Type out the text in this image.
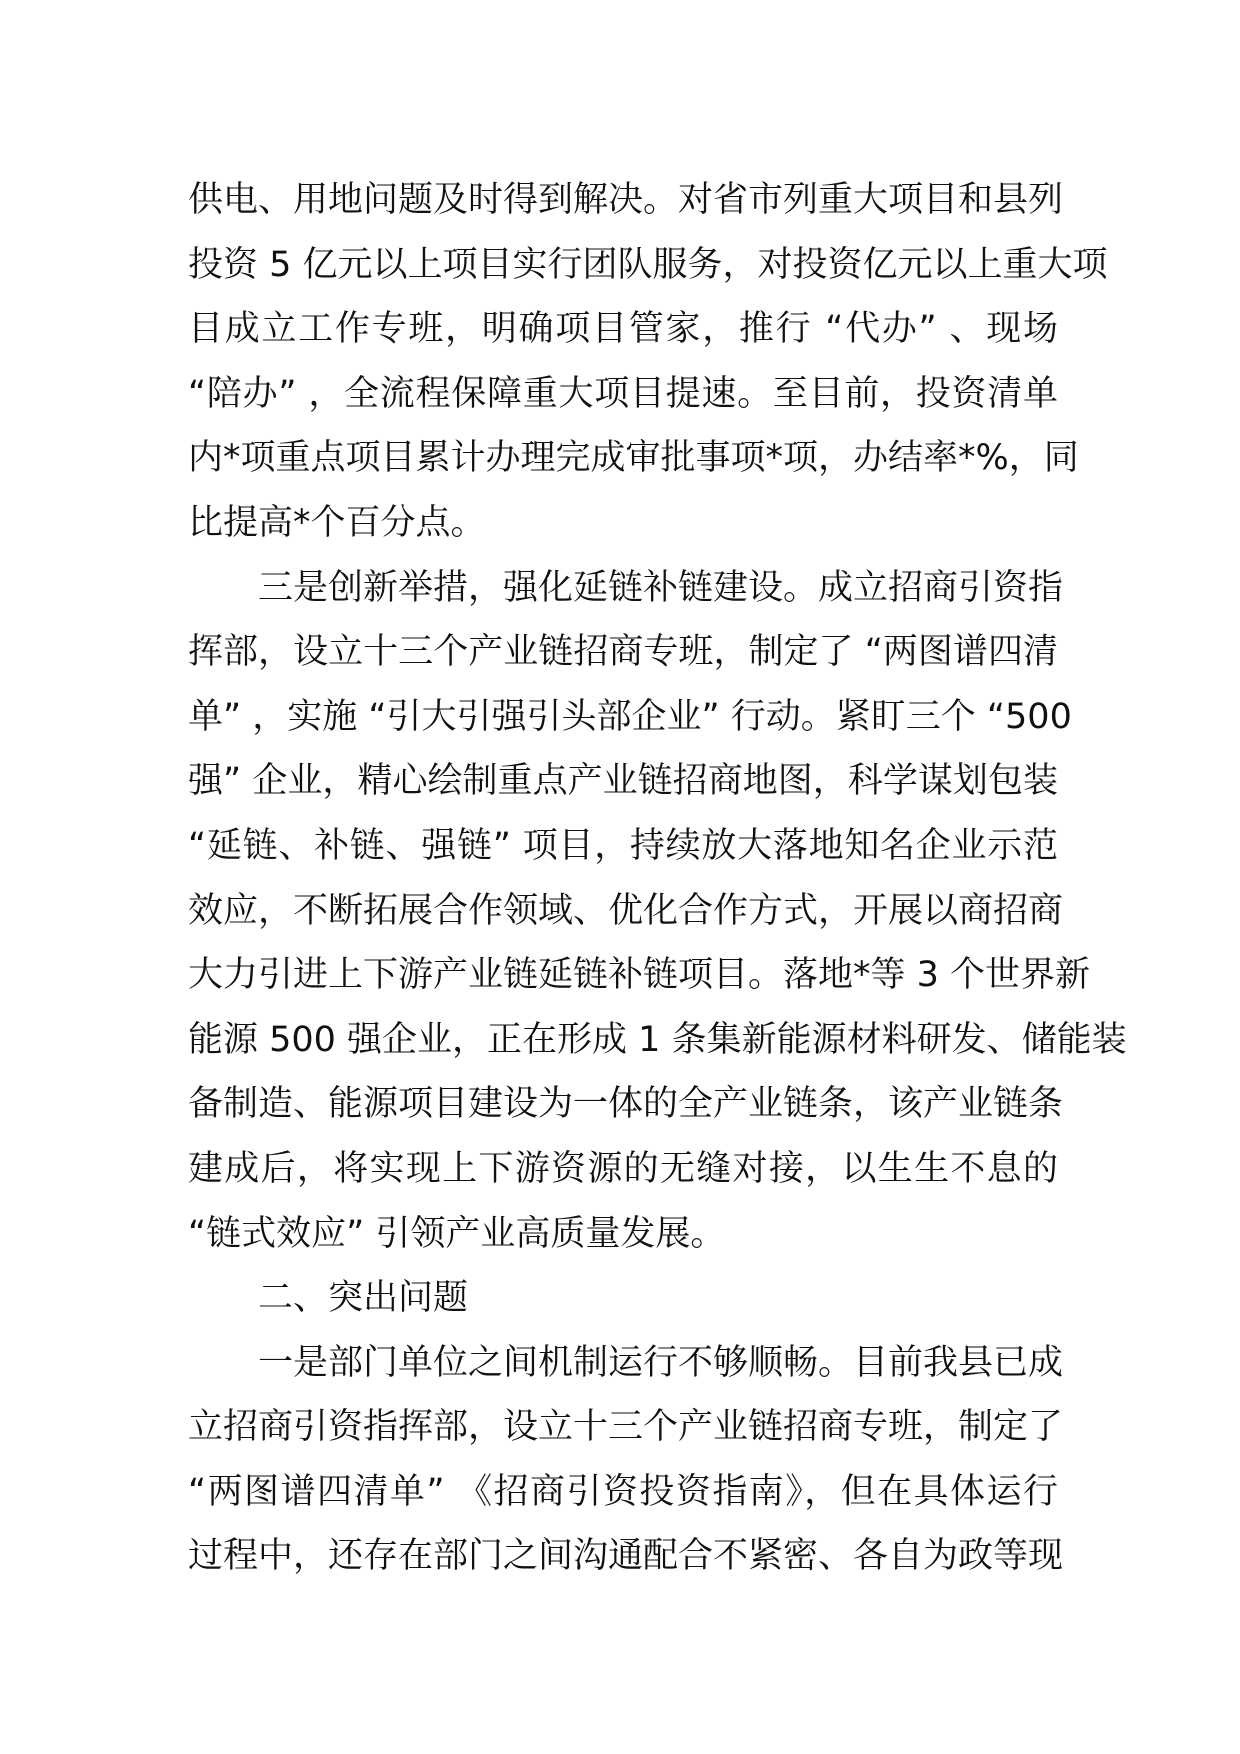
供电、用地问题及时得到解决。对省市列重大项目和县列
投资 5 亿元以上项目实行团队服务，对投资亿元以上重大项
目成立工作专班，明确项目管家，推行 “代办” 、现场
“陪办” ，全流程保障重大项目提速。至目前，投资清单
内*项重点项目累计办理完成审批事项*项，办结率*%，同
比提高*个百分点。
三是创新举措，强化延链补链建设。成立招商引资指
挥部，设立十三个产业链招商专班，制定了 “两图谱四清
单” ，实施 “引大引强引头部企业” 行动。紧盯三个 “500
强” 企业，精心绘制重点产业链招商地图，科学谋划包装
“延链、补链、强链” 项目，持续放大落地知名企业示范
效应，不断拓展合作领域、优化合作方式，开展以商招商
大力引进上下游产业链延链补链项目。落地*等 3 个世界新
能源 500 强企业，正在形成 1 条集新能源材料研发、储能装
备制造、能源项目建设为一体的全产业链条，该产业链条
建成后，将实现上下游资源的无缝对接，以生生不息的
“链式效应” 引领产业高质量发展。
二、突出问题
一是部门单位之间机制运行不够顺畅。目前我县已成
立招商引资指挥部，设立十三个产业链招商专班，制定了
“两图谱四清单” 《招商引资投资指南》，但在具体运行
过程中，还存在部门之间沟通配合不紧密、各自为政等现
